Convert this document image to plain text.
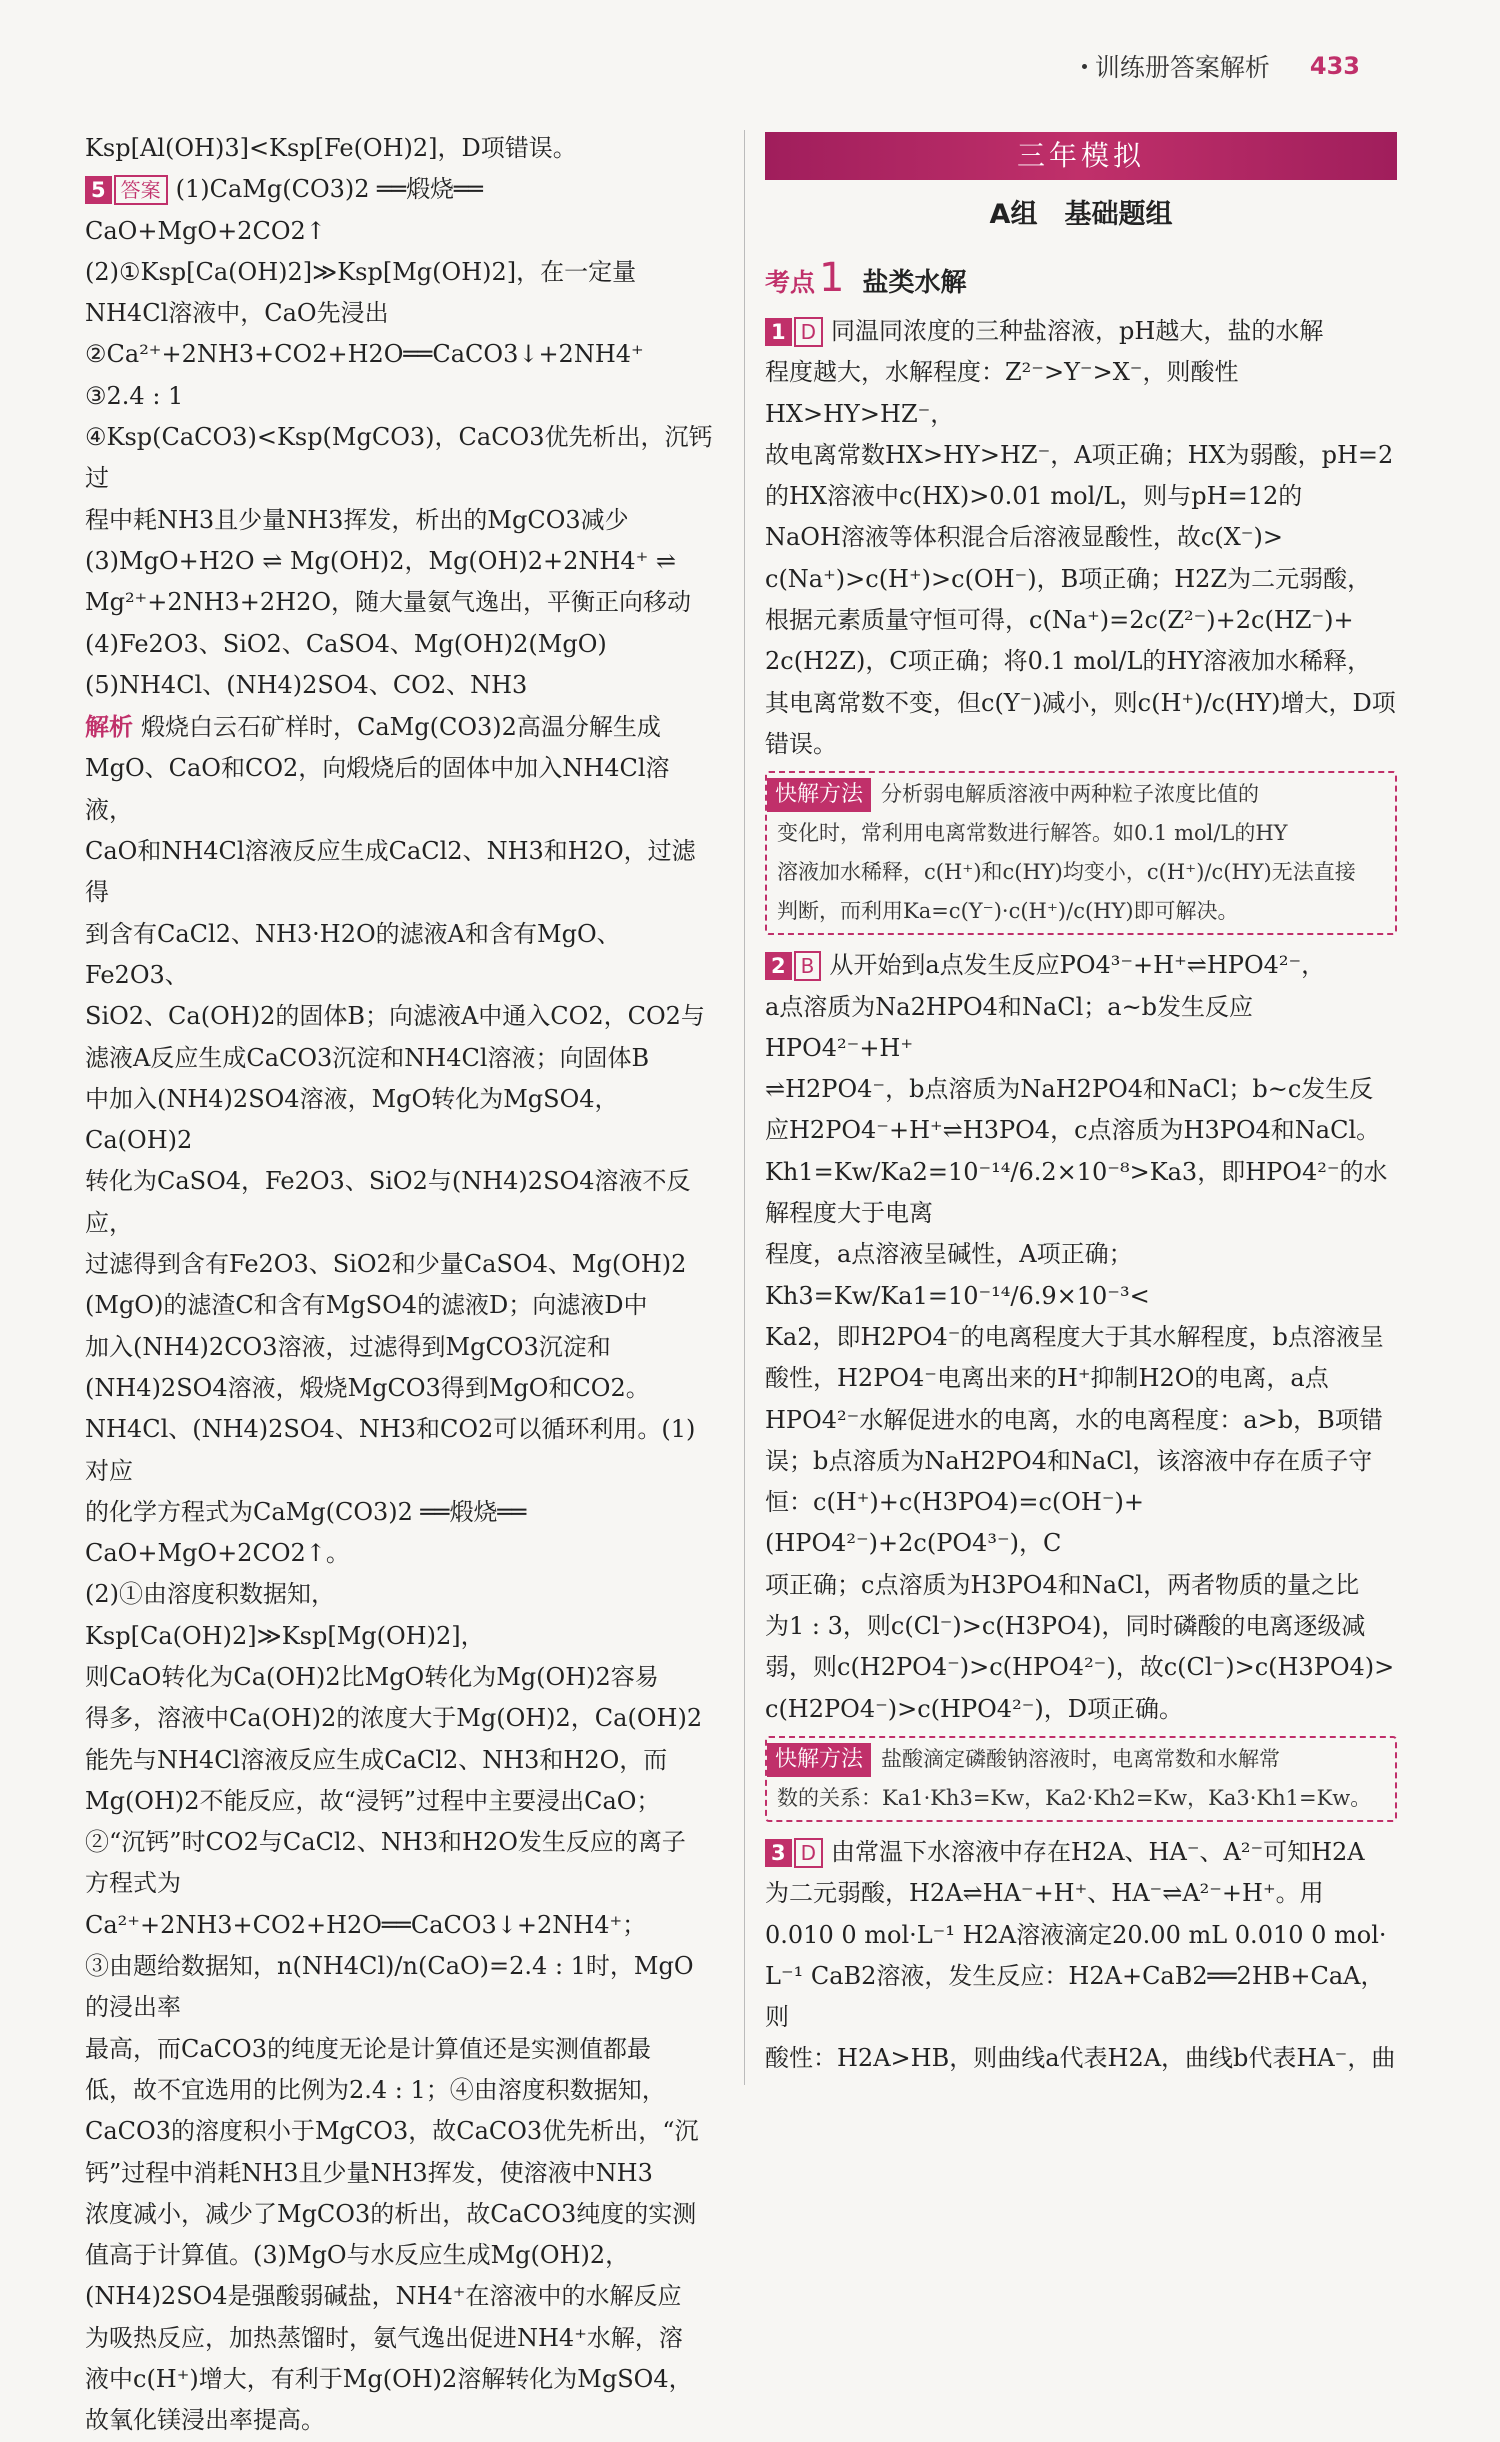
训练册答案解析 433
Ksp[Al(OH)3]<Ksp[Fe(OH)2]，D项错误。
5 答案 (1)CaMg(CO3)2 ══煅烧══ CaO+MgO+2CO2↑
(2)①Ksp[Ca(OH)2]≫Ksp[Mg(OH)2]，在一定量
NH4Cl溶液中，CaO先浸出
②Ca²⁺+2NH3+CO2+H2O══CaCO3↓+2NH4⁺
③2.4 : 1
④Ksp(CaCO3)<Ksp(MgCO3)，CaCO3优先析出，沉钙过
程中耗NH3且少量NH3挥发，析出的MgCO3减少
(3)MgO+H2O ⇌ Mg(OH)2，Mg(OH)2+2NH4⁺ ⇌
Mg²⁺+2NH3+2H2O，随大量氨气逸出，平衡正向移动
(4)Fe2O3、SiO2、CaSO4、Mg(OH)2(MgO)
(5)NH4Cl、(NH4)2SO4、CO2、NH3
解析 煅烧白云石矿样时，CaMg(CO3)2高温分解生成
MgO、CaO和CO2，向煅烧后的固体中加入NH4Cl溶液，
CaO和NH4Cl溶液反应生成CaCl2、NH3和H2O，过滤得
到含有CaCl2、NH3·H2O的滤液A和含有MgO、Fe2O3、
SiO2、Ca(OH)2的固体B；向滤液A中通入CO2，CO2与
滤液A反应生成CaCO3沉淀和NH4Cl溶液；向固体B
中加入(NH4)2SO4溶液，MgO转化为MgSO4，Ca(OH)2
转化为CaSO4，Fe2O3、SiO2与(NH4)2SO4溶液不反应，
过滤得到含有Fe2O3、SiO2和少量CaSO4、Mg(OH)2
(MgO)的滤渣C和含有MgSO4的滤液D；向滤液D中
加入(NH4)2CO3溶液，过滤得到MgCO3沉淀和
(NH4)2SO4溶液，煅烧MgCO3得到MgO和CO2。
NH4Cl、(NH4)2SO4、NH3和CO2可以循环利用。(1)对应
的化学方程式为CaMg(CO3)2 ══煅烧══ CaO+MgO+2CO2↑。
(2)①由溶度积数据知，Ksp[Ca(OH)2]≫Ksp[Mg(OH)2]，
则CaO转化为Ca(OH)2比MgO转化为Mg(OH)2容易
得多，溶液中Ca(OH)2的浓度大于Mg(OH)2，Ca(OH)2
能先与NH4Cl溶液反应生成CaCl2、NH3和H2O，而
Mg(OH)2不能反应，故“浸钙”过程中主要浸出CaO；
②“沉钙”时CO2与CaCl2、NH3和H2O发生反应的离子
方程式为Ca²⁺+2NH3+CO2+H2O══CaCO3↓+2NH4⁺；
③由题给数据知，n(NH4Cl)/n(CaO)=2.4 : 1时，MgO的浸出率
最高，而CaCO3的纯度无论是计算值还是实测值都最
低，故不宜选用的比例为2.4 : 1；④由溶度积数据知，
CaCO3的溶度积小于MgCO3，故CaCO3优先析出，“沉
钙”过程中消耗NH3且少量NH3挥发，使溶液中NH3
浓度减小，减少了MgCO3的析出，故CaCO3纯度的实测
值高于计算值。(3)MgO与水反应生成Mg(OH)2，
(NH4)2SO4是强酸弱碱盐，NH4⁺在溶液中的水解反应
为吸热反应，加热蒸馏时，氨气逸出促进NH4⁺水解，溶
液中c(H⁺)增大，有利于Mg(OH)2溶解转化为MgSO4，
故氧化镁浸出率提高。
三年模拟
A组　基础题组
考点 1 盐类水解
1 D 同温同浓度的三种盐溶液，pH越大，盐的水解
程度越大，水解程度：Z²⁻>Y⁻>X⁻，则酸性HX>HY>HZ⁻，
故电离常数HX>HY>HZ⁻，A项正确；HX为弱酸，pH=2
的HX溶液中c(HX)>0.01 mol/L，则与pH=12的
NaOH溶液等体积混合后溶液显酸性，故c(X⁻)>
c(Na⁺)>c(H⁺)>c(OH⁻)，B项正确；H2Z为二元弱酸，
根据元素质量守恒可得，c(Na⁺)=2c(Z²⁻)+2c(HZ⁻)+
2c(H2Z)，C项正确；将0.1 mol/L的HY溶液加水稀释，
其电离常数不变，但c(Y⁻)减小，则c(H⁺)/c(HY)增大，D项
错误。
快解方法 分析弱电解质溶液中两种粒子浓度比值的
变化时，常利用电离常数进行解答。如0.1 mol/L的HY
溶液加水稀释，c(H⁺)和c(HY)均变小，c(H⁺)/c(HY)无法直接
判断，而利用Ka=c(Y⁻)·c(H⁺)/c(HY)即可解决。
2 B 从开始到a点发生反应PO4³⁻+H⁺⇌HPO4²⁻，
a点溶质为Na2HPO4和NaCl；a~b发生反应HPO4²⁻+H⁺
⇌H2PO4⁻，b点溶质为NaH2PO4和NaCl；b~c发生反
应H2PO4⁻+H⁺⇌H3PO4，c点溶质为H3PO4和NaCl。
Kh1=Kw/Ka2=10⁻¹⁴/6.2×10⁻⁸>Ka3，即HPO4²⁻的水解程度大于电离
程度，a点溶液呈碱性，A项正确；Kh3=Kw/Ka1=10⁻¹⁴/6.9×10⁻³<
Ka2，即H2PO4⁻的电离程度大于其水解程度，b点溶液呈
酸性，H2PO4⁻电离出来的H⁺抑制H2O的电离，a点
HPO4²⁻水解促进水的电离，水的电离程度：a>b，B项错
误；b点溶质为NaH2PO4和NaCl，该溶液中存在质子守
恒：c(H⁺)+c(H3PO4)=c(OH⁻)+(HPO4²⁻)+2c(PO4³⁻)，C
项正确；c点溶质为H3PO4和NaCl，两者物质的量之比
为1 : 3，则c(Cl⁻)>c(H3PO4)，同时磷酸的电离逐级减
弱，则c(H2PO4⁻)>c(HPO4²⁻)，故c(Cl⁻)>c(H3PO4)>
c(H2PO4⁻)>c(HPO4²⁻)，D项正确。
快解方法 盐酸滴定磷酸钠溶液时，电离常数和水解常
数的关系：Ka1·Kh3=Kw，Ka2·Kh2=Kw，Ka3·Kh1=Kw。
3 D 由常温下水溶液中存在H2A、HA⁻、A²⁻可知H2A
为二元弱酸，H2A⇌HA⁻+H⁺、HA⁻⇌A²⁻+H⁺。用
0.010 0 mol·L⁻¹ H2A溶液滴定20.00 mL 0.010 0 mol·
L⁻¹ CaB2溶液，发生反应：H2A+CaB2══2HB+CaA，则
酸性：H2A>HB，则曲线a代表H2A，曲线b代表HA⁻，曲
